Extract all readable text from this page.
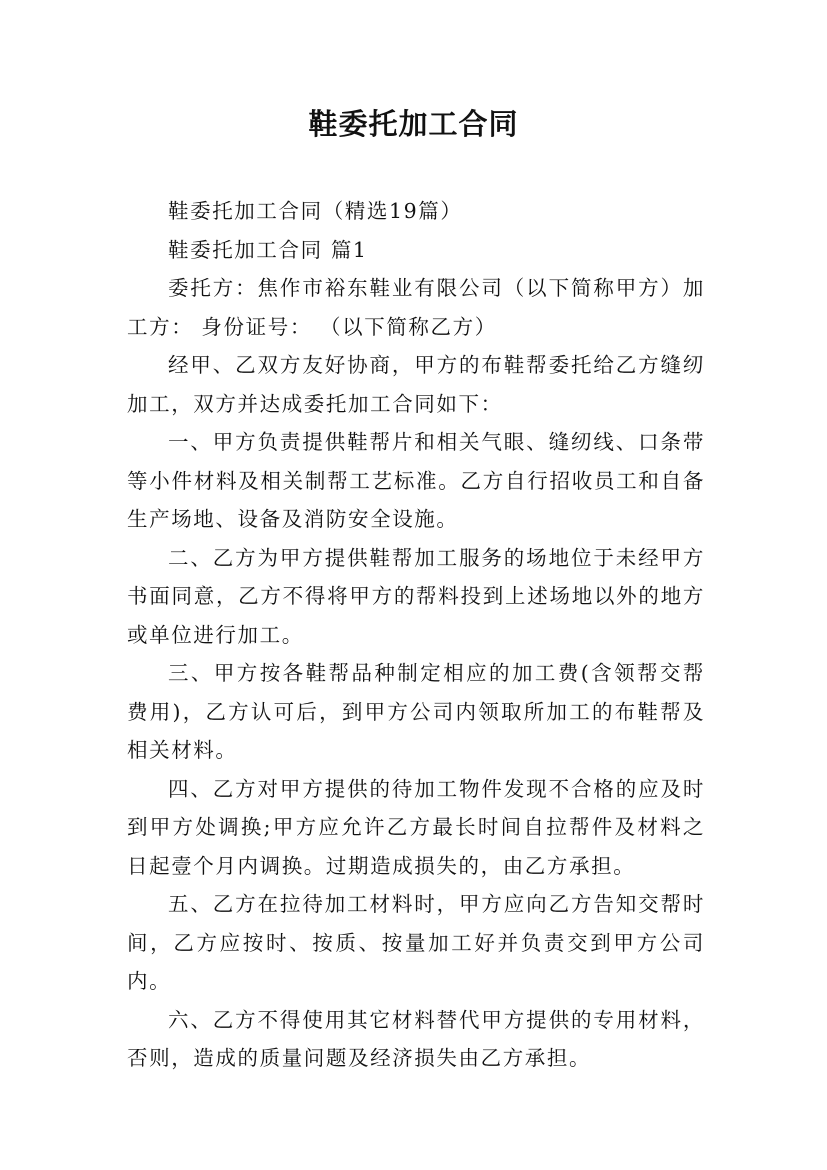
鞋委托加工合同

鞋委托加工合同（精选19篇）

鞋委托加工合同 篇1

委托方：焦作市裕东鞋业有限公司（以下简称甲方）加工方： 身份证号： （以下简称乙方）

经甲、乙双方友好协商，甲方的布鞋帮委托给乙方缝纫加工，双方并达成委托加工合同如下：

一、甲方负责提供鞋帮片和相关气眼、缝纫线、口条带等小件材料及相关制帮工艺标准。乙方自行招收员工和自备生产场地、设备及消防安全设施。

二、乙方为甲方提供鞋帮加工服务的场地位于未经甲方书面同意，乙方不得将甲方的帮料投到上述场地以外的地方或单位进行加工。

三、甲方按各鞋帮品种制定相应的加工费(含领帮交帮费用)，乙方认可后，到甲方公司内领取所加工的布鞋帮及相关材料。

四、乙方对甲方提供的待加工物件发现不合格的应及时到甲方处调换;甲方应允许乙方最长时间自拉帮件及材料之日起壹个月内调换。过期造成损失的，由乙方承担。

五、乙方在拉待加工材料时，甲方应向乙方告知交帮时间，乙方应按时、按质、按量加工好并负责交到甲方公司内。

六、乙方不得使用其它材料替代甲方提供的专用材料，否则，造成的质量问题及经济损失由乙方承担。
